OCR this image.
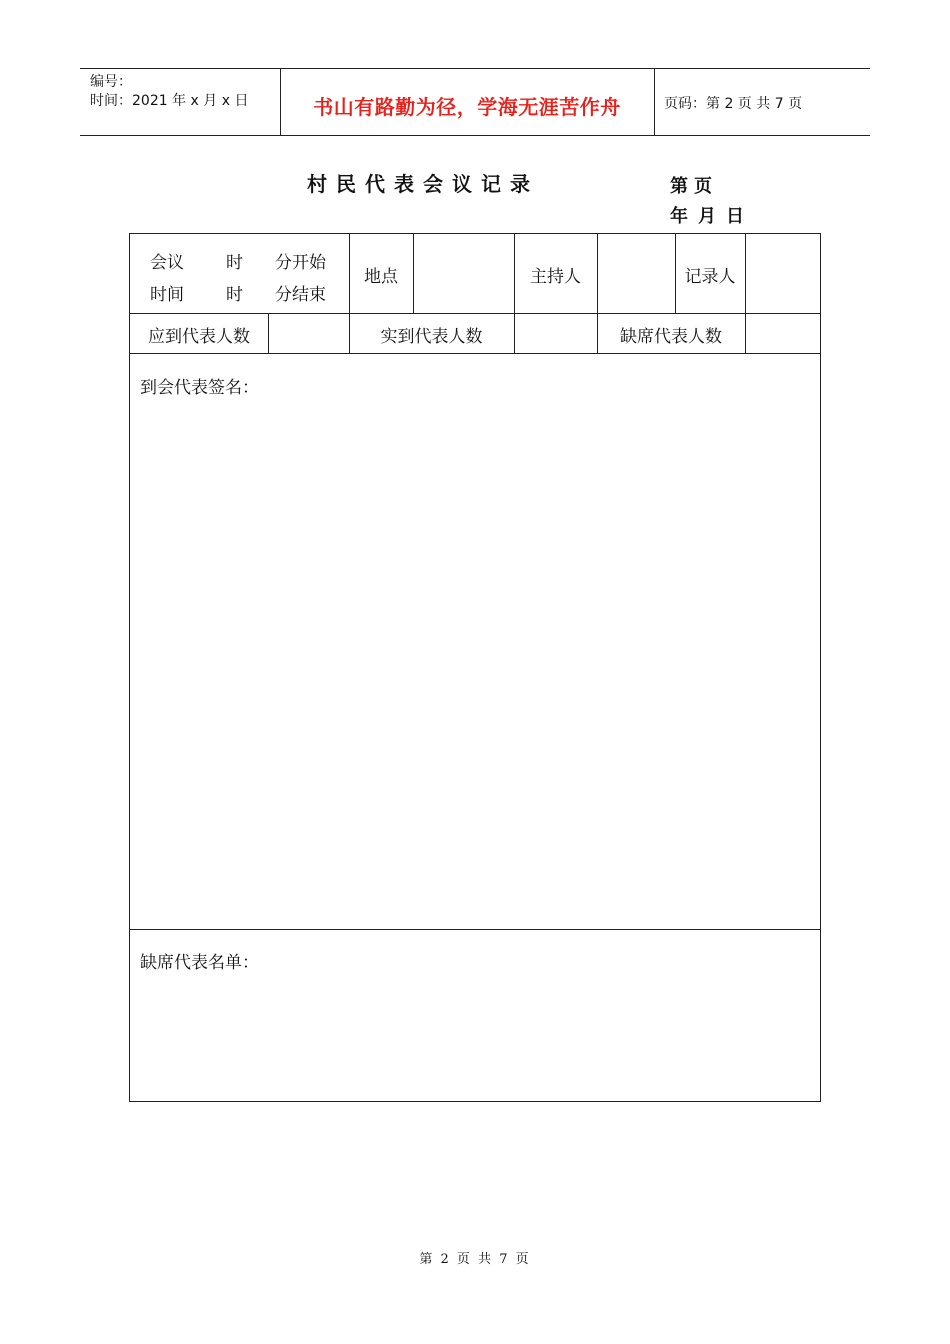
编号：
时间：2021 年 x 月 x 日	书山有路勤为径，学海无涯苦作舟	页码：第 2 页 共 7 页
村民代表会议记录	第页
年月日
会议 时 分开始
时间 时 分结束
地点	主持人	记录人
应到代表人数	实到代表人数	缺席代表人数
到会代表签名：
缺席代表名单：
第 2 页 共 7 页
